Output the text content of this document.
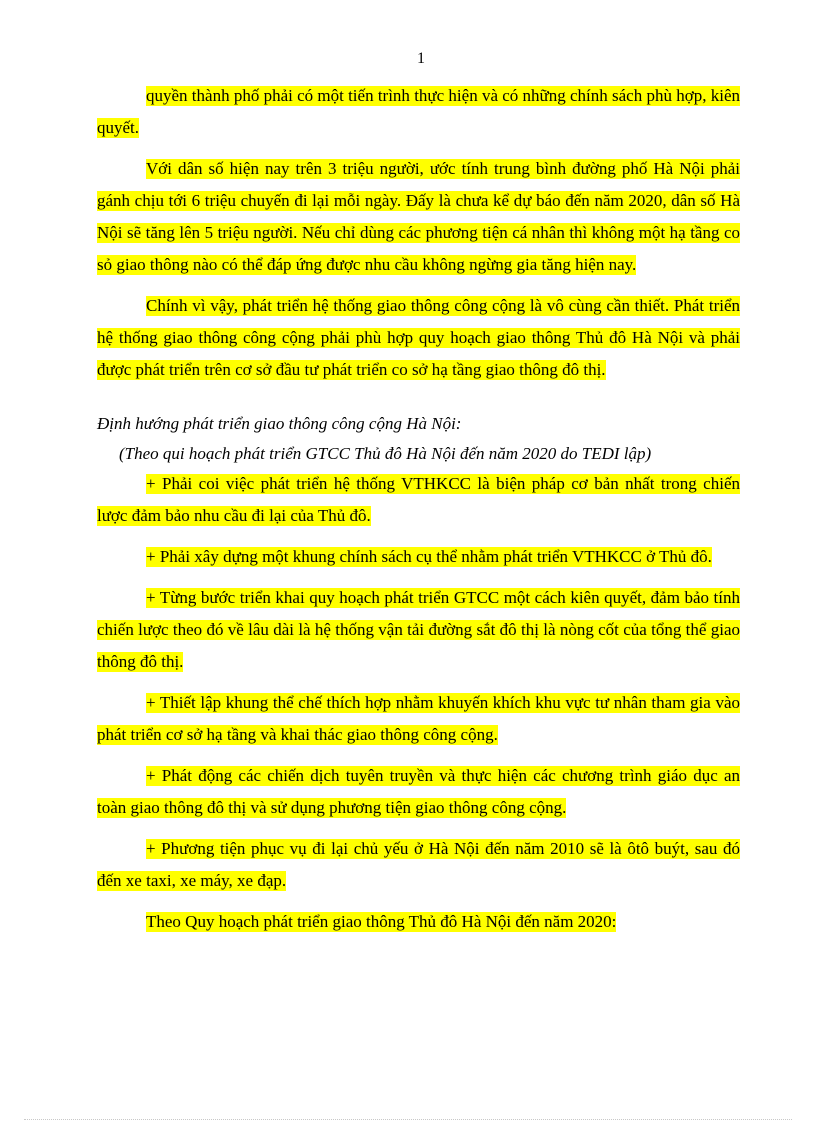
1

quyền thành phố phải có một tiến trình thực hiện và có những chính sách phù hợp, kiên quyết.

Với dân số hiện nay trên 3 triệu người, ước tính trung bình đường phố Hà Nội phải gánh chịu tới 6 triệu chuyến đi lại mỗi ngày. Đấy là chưa kể dự báo đến năm 2020, dân số Hà Nội sẽ tăng lên 5 triệu người. Nếu chỉ dùng các phương tiện cá nhân thì không một hạ tầng co sỏ giao thông nào có thể đáp ứng được nhu cầu không ngừng gia tăng hiện nay.

Chính vì vậy, phát triển hệ thống giao thông công cộng là vô cùng cần thiết. Phát triển hệ thống giao thông công cộng phải phù hợp quy hoạch giao thông Thủ đô Hà Nội và phải được phát triển trên cơ sở đầu tư phát triển co sở hạ tầng giao thông đô thị.

Định hướng phát triển giao thông công cộng Hà Nội:

(Theo qui hoạch phát triển GTCC Thủ đô Hà Nội đến năm 2020 do TEDI lập)

+ Phải coi việc phát triển hệ thống VTHKCC là biện pháp cơ bản nhất trong chiến lược đảm bảo nhu cầu đi lại của Thủ đô.

+ Phải xây dựng một khung chính sách cụ thể nhằm phát triển VTHKCC ở Thủ đô.

+ Từng bước triển khai quy hoạch phát triển GTCC một cách kiên quyết, đảm bảo tính chiến lược theo đó về lâu dài là hệ thống vận tải đường sắt đô thị là nòng cốt của tổng thể giao thông đô thị.

+ Thiết lập khung thể chế thích hợp nhằm khuyến khích khu vực tư nhân tham gia vào phát triển cơ sở hạ tầng và khai thác giao thông công cộng.

+ Phát động các chiến dịch tuyên truyền và thực hiện các chương trình giáo dục an toàn giao thông đô thị và sử dụng phương tiện giao thông công cộng.

+ Phương tiện phục vụ đi lại chủ yếu ở Hà Nội đến năm 2010 sẽ là ôtô buýt, sau đó đến xe taxi, xe máy, xe đạp.

Theo Quy hoạch phát triển giao thông Thủ đô Hà Nội đến năm 2020:
